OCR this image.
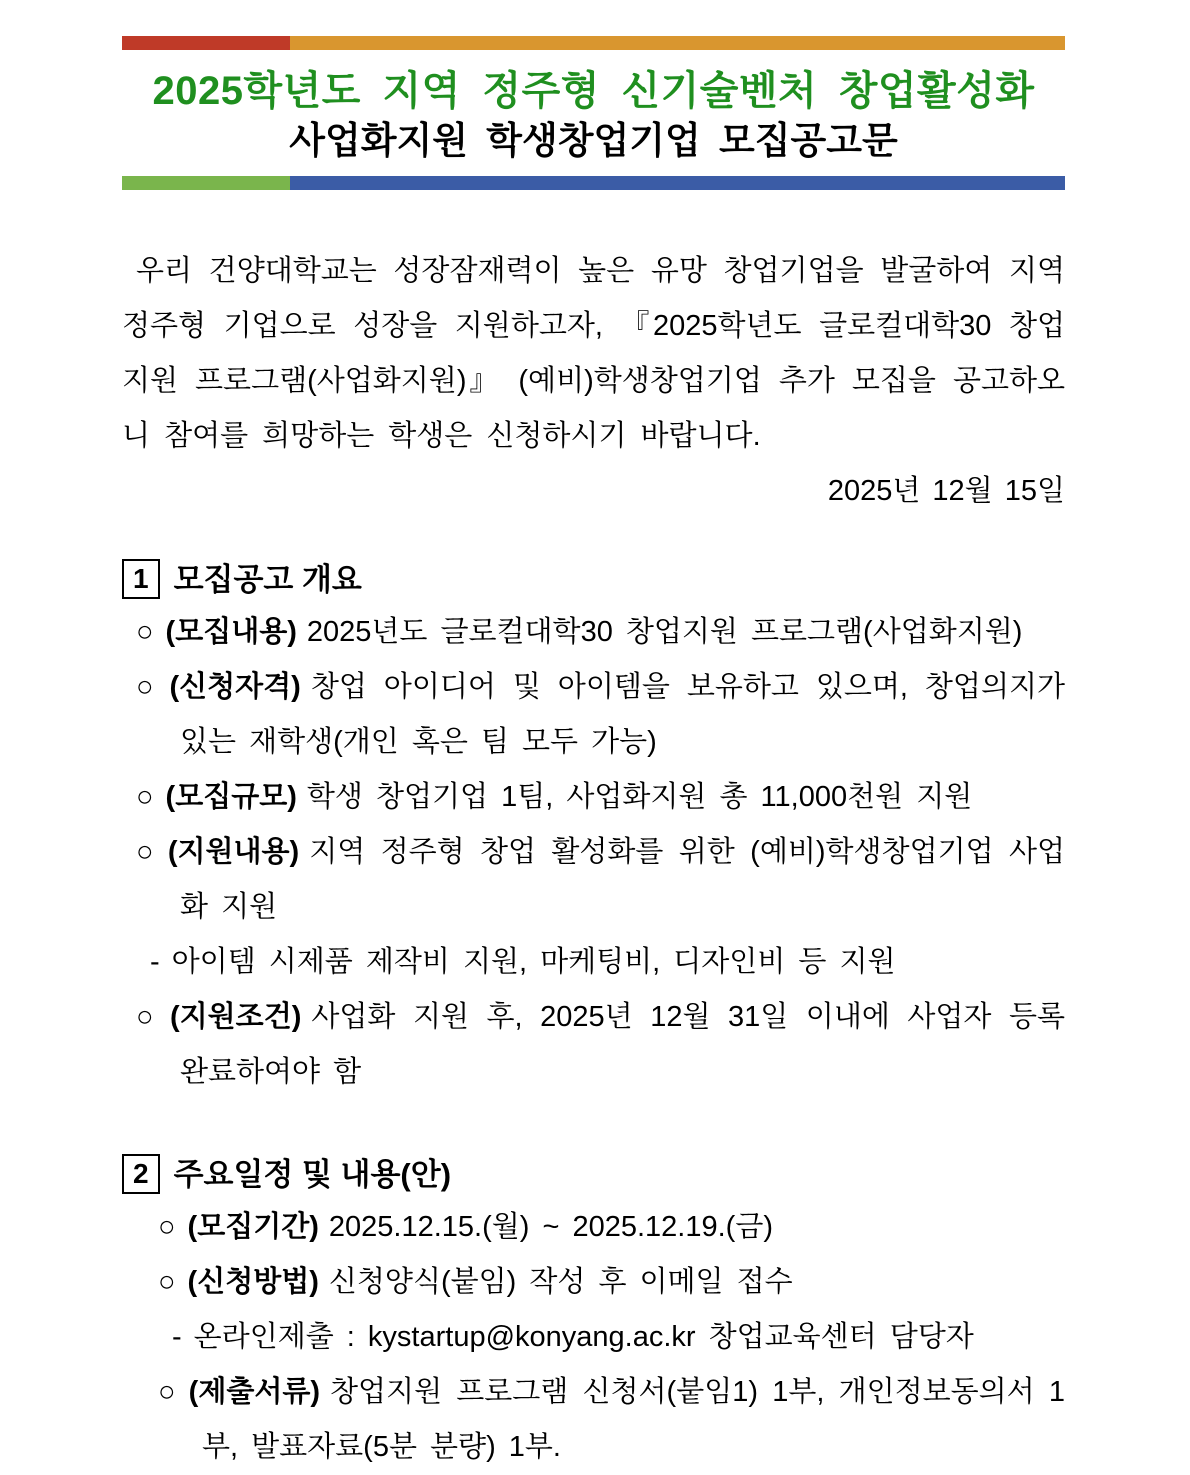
2025학년도 지역 정주형 신기술벤처 창업활성화
사업화지원 학생창업기업 모집공고문

우리 건양대학교는 성장잠재력이 높은 유망 창업기업을 발굴하여 지역 정주형 기업으로 성장을 지원하고자, 『2025학년도 글로컬대학30 창업지원 프로그램(사업화지원)』 (예비)학생창업기업 추가 모집을 공고하오니 참여를 희망하는 학생은 신청하시기 바랍니다.

2025년 12월 15일

1 모집공고 개요
○ (모집내용) 2025년도 글로컬대학30 창업지원 프로그램(사업화지원)
○ (신청자격) 창업 아이디어 및 아이템을 보유하고 있으며, 창업의지가 있는 재학생(개인 혹은 팀 모두 가능)
○ (모집규모) 학생 창업기업 1팀, 사업화지원 총 11,000천원 지원
○ (지원내용) 지역 정주형 창업 활성화를 위한 (예비)학생창업기업 사업화 지원
- 아이템 시제품 제작비 지원, 마케팅비, 디자인비 등 지원
○ (지원조건) 사업화 지원 후, 2025년 12월 31일 이내에 사업자 등록 완료하여야 함
2 주요일정 및 내용(안)
○ (모집기간) 2025.12.15.(월) ~ 2025.12.19.(금)
○ (신청방법) 신청양식(붙임) 작성 후 이메일 접수
- 온라인제출 : kystartup@konyang.ac.kr 창업교육센터 담당자
○ (제출서류) 창업지원 프로그램 신청서(붙임1) 1부, 개인정보동의서 1부, 발표자료(5분 분량) 1부.
